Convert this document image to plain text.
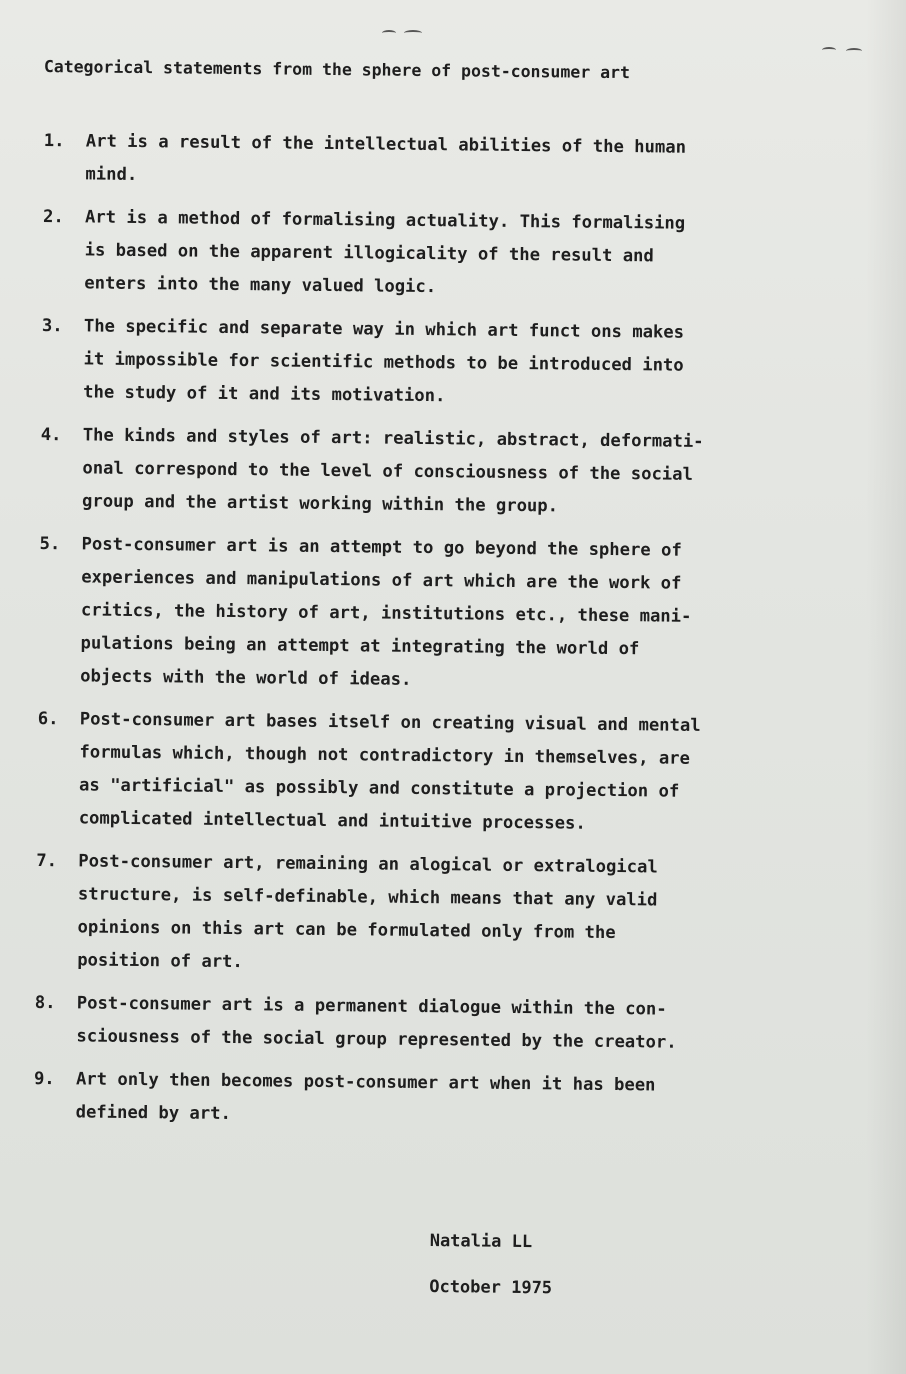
Categorical statements from the sphere of post-consumer art
1.	Art is a result of the intellectual abilities of the human
mind.
2.	Art is a method of formalising actuality. This formalising
is based on the apparent illogicality of the result and
enters into the many valued logic.
3.	The specific and separate way in which art funct ons makes
it impossible for scientific methods to be introduced into
the study of it and its motivation.
4.	The kinds and styles of art: realistic, abstract, deformati-
onal correspond to the level of consciousness of the social
group and the artist working within the group.
5.	Post-consumer art is an attempt to go beyond the sphere of
experiences and manipulations of art which are the work of
critics, the history of art, institutions etc., these mani-
pulations being an attempt at integrating the world of
objects with the world of ideas.
6.	Post-consumer art bases itself on creating visual and mental
formulas which, though not contradictory in themselves, are
as "artificial" as possibly and constitute a projection of
complicated intellectual and intuitive processes.
7.	Post-consumer art, remaining an alogical or extralogical
structure, is self-definable, which means that any valid
opinions on this art can be formulated only from the
position of art.
8.	Post-consumer art is a permanent dialogue within the con-
sciousness of the social group represented by the creator.
9.	Art only then becomes post-consumer art when it has been
defined by art.
Natalia LL
October 1975
